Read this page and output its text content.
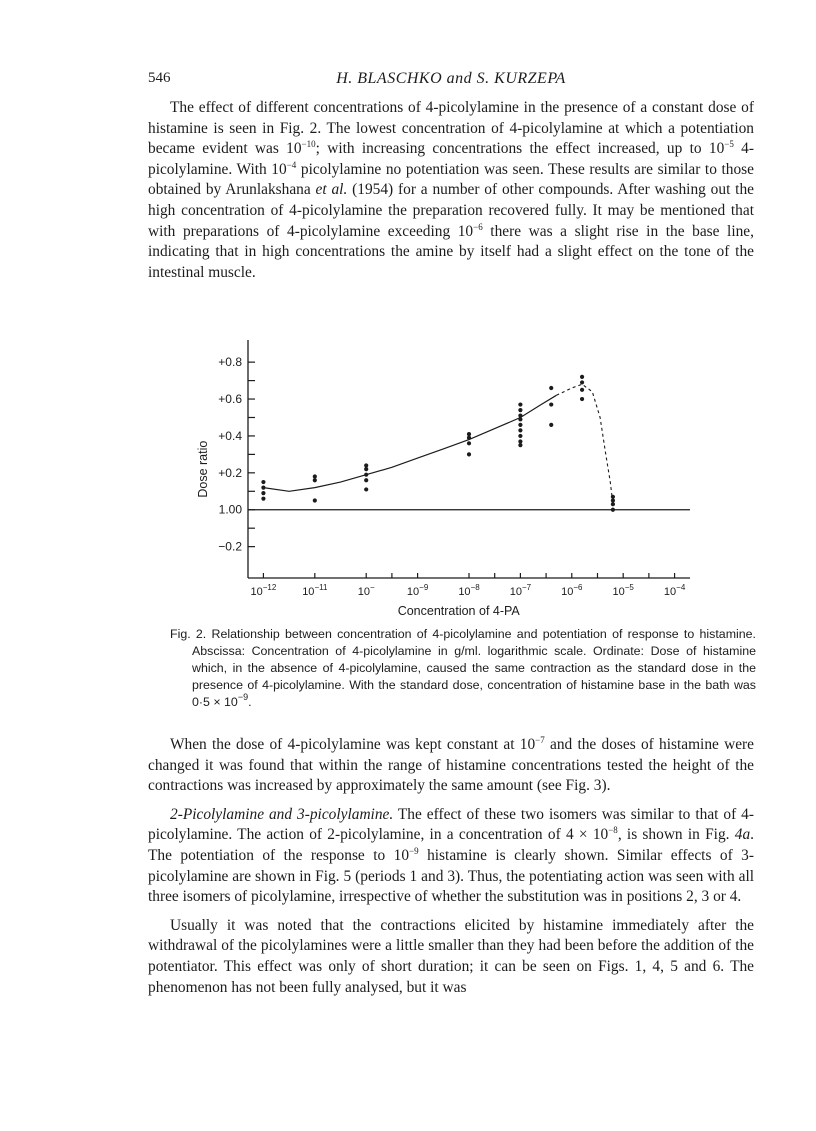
546	H. BLASCHKO and S. KURZEPA

The effect of different concentrations of 4-picolylamine in the presence of a constant dose of histamine is seen in Fig. 2. The lowest concentration of 4-picolylamine at which a potentiation became evident was $10^{-10}$; with increasing concentrations the effect increased, up to $10^{-5}$ 4-picolylamine. With $10^{-4}$ picolylamine no potentiation was seen. These results are similar to those obtained by Arunlakshana et al. (1954) for a number of other compounds. After washing out the high concentration of 4-picolylamine the preparation recovered fully. It may be mentioned that with preparations of 4-picolylamine exceeding $10^{-6}$ there was a slight rise in the base line, indicating that in high concentrations the amine by itself had a slight effect on the tone of the intestinal muscle.

+0.8
+0.6
+0.4
+0.2
1.00
−0.2
$10^{-12}$ $10^{-11}$	10−	$10^{-9}$	$10^{-8}$	$10^{-7}$	$10^{-6}$	$10^{-5}$	$10^{-4}$
Concentration of 4-PA
Dose ratio
Fig. 2. Relationship between concentration of 4-picolylamine and potentiation of response to histamine. Abscissa: Concentration of 4-picolylamine in g/ml. logarithmic scale. Ordinate: Dose of histamine which, in the absence of 4-picolylamine, caused the same contraction as the standard dose in the presence of 4-picolylamine. With the standard dose, concentration of histamine base in the bath was $0\cdot 5 \times 10^{-9}$.

When the dose of 4-picolylamine was kept constant at $10^{-7}$ and the doses of histamine were changed it was found that within the range of histamine concentrations tested the height of the contractions was increased by approximately the same amount (see Fig. 3).

2-Picolylamine and 3-picolylamine. The effect of these two isomers was similar to that of 4-picolylamine. The action of 2-picolylamine, in a concentration of $4 \times 10^{-8}$, is shown in Fig. 4a. The potentiation of the response to $10^{-9}$ histamine is clearly shown. Similar effects of 3-picolylamine are shown in Fig. 5 (periods 1 and 3). Thus, the potentiating action was seen with all three isomers of picolylamine, irrespective of whether the substitution was in positions 2, 3 or 4.

Usually it was noted that the contractions elicited by histamine immediately after the withdrawal of the picolylamines were a little smaller than they had been before the addition of the potentiator. This effect was only of short duration; it can be seen on Figs. 1, 4, 5 and 6. The phenomenon has not been fully analysed, but it was
